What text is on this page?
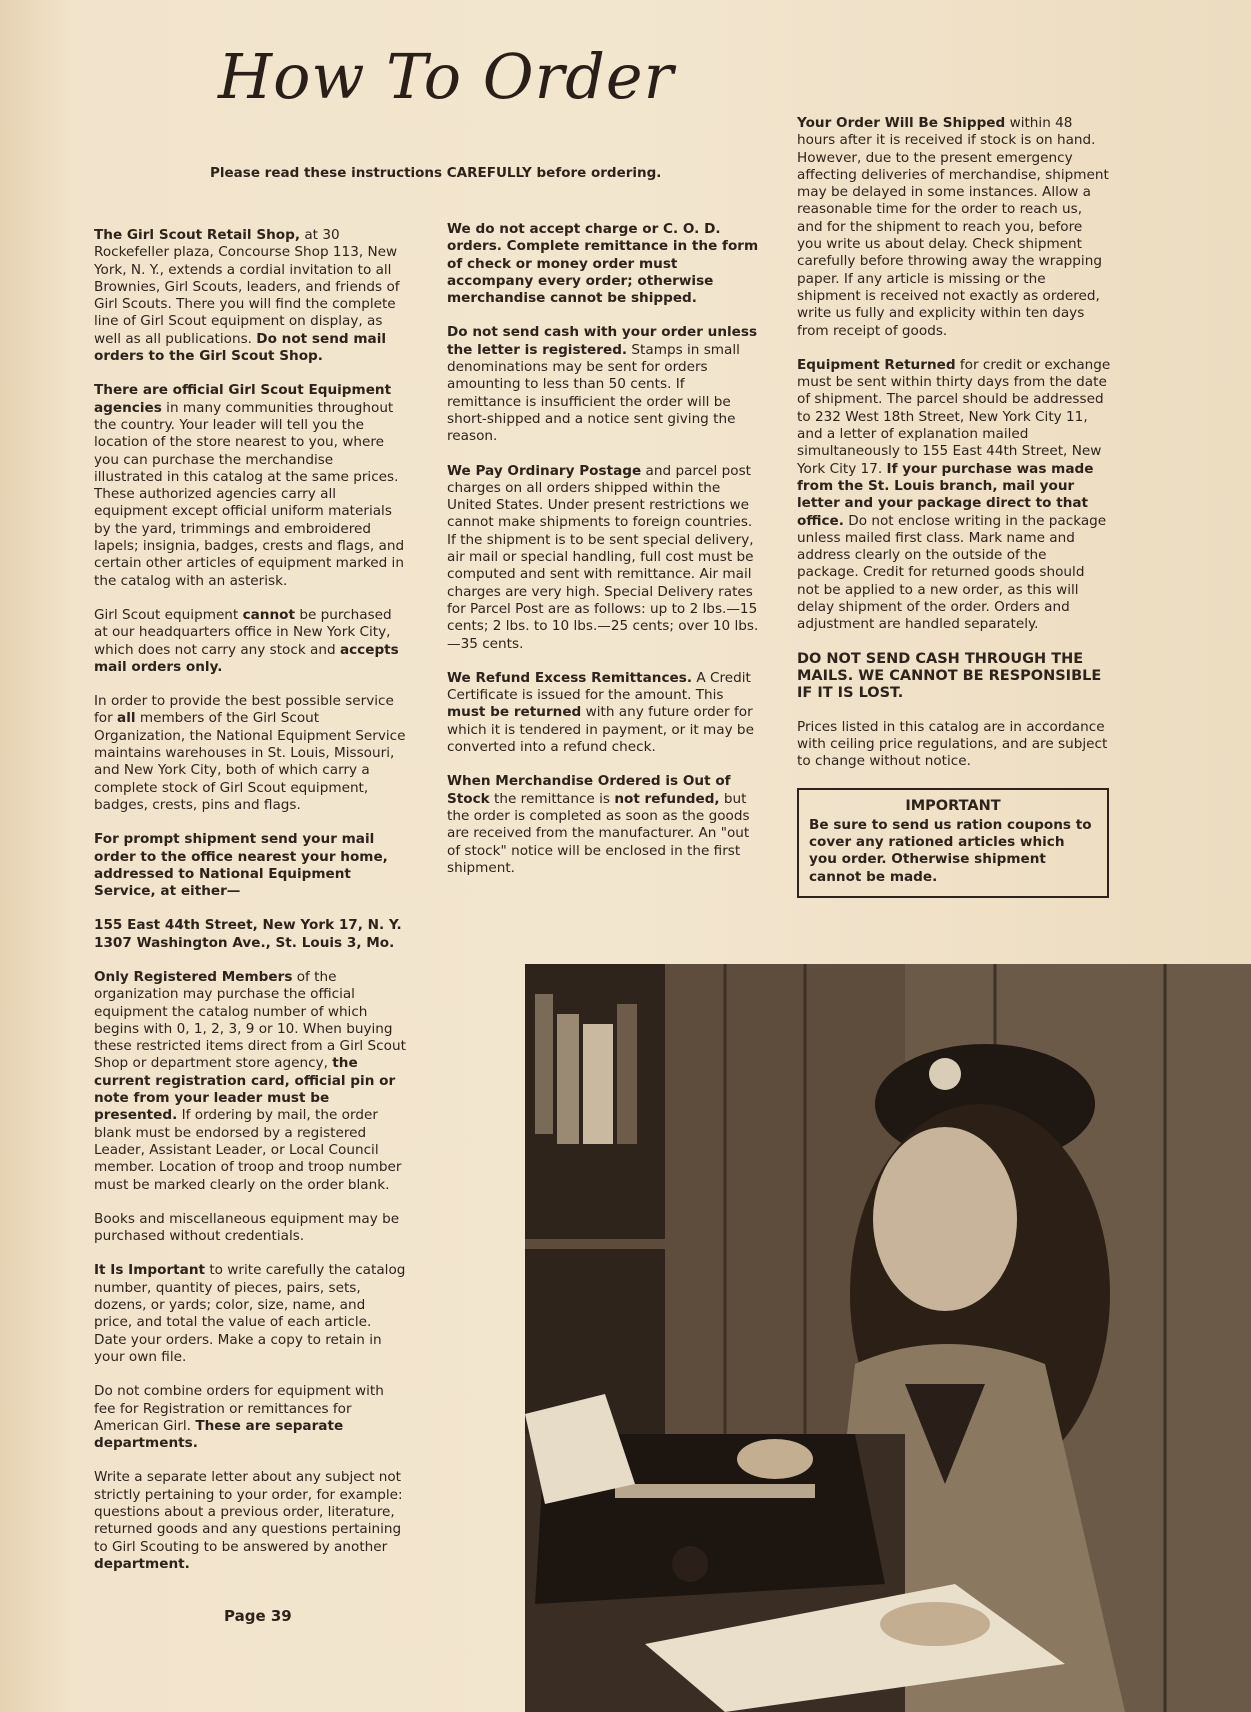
How To Order
Please read these instructions CAREFULLY before ordering.

The Girl Scout Retail Shop, at 30 Rockefeller plaza, Concourse Shop 113, New York, N. Y., extends a cordial invitation to all Brownies, Girl Scouts, leaders, and friends of Girl Scouts. There you will find the complete line of Girl Scout equipment on display, as well as all publications. Do not send mail orders to the Girl Scout Shop.

There are official Girl Scout Equipment agencies in many communities throughout the country. Your leader will tell you the location of the store nearest to you, where you can purchase the merchandise illustrated in this catalog at the same prices. These authorized agencies carry all equipment except official uniform materials by the yard, trimmings and embroidered lapels; insignia, badges, crests and flags, and certain other articles of equipment marked in the catalog with an asterisk.

Girl Scout equipment cannot be purchased at our headquarters office in New York City, which does not carry any stock and accepts mail orders only.

In order to provide the best possible service for all members of the Girl Scout Organization, the National Equipment Service maintains warehouses in St. Louis, Missouri, and New York City, both of which carry a complete stock of Girl Scout equipment, badges, crests, pins and flags.

For prompt shipment send your mail order to the office nearest your home, addressed to National Equipment Service, at either—

155 East 44th Street, New York 17, N. Y.

1307 Washington Ave., St. Louis 3, Mo.

Only Registered Members of the organization may purchase the official equipment the catalog number of which begins with 0, 1, 2, 3, 9 or 10. When buying these restricted items direct from a Girl Scout Shop or department store agency, the current registration card, official pin or note from your leader must be presented. If ordering by mail, the order blank must be endorsed by a registered Leader, Assistant Leader, or Local Council member. Location of troop and troop number must be marked clearly on the order blank.

Books and miscellaneous equipment may be purchased without credentials.

It Is Important to write carefully the catalog number, quantity of pieces, pairs, sets, dozens, or yards; color, size, name, and price, and total the value of each article. Date your orders. Make a copy to retain in your own file.

Do not combine orders for equipment with fee for Registration or remittances for American Girl. These are separate departments.

Write a separate letter about any subject not strictly pertaining to your order, for example: questions about a previous order, literature, returned goods and any questions pertaining to Girl Scouting to be answered by another department.

We do not accept charge or C. O. D. orders. Complete remittance in the form of check or money order must accompany every order; otherwise merchandise cannot be shipped.

Do not send cash with your order unless the letter is registered. Stamps in small denominations may be sent for orders amounting to less than 50 cents. If remittance is insufficient the order will be short-shipped and a notice sent giving the reason.

We Pay Ordinary Postage and parcel post charges on all orders shipped within the United States. Under present restrictions we cannot make shipments to foreign countries. If the shipment is to be sent special delivery, air mail or special handling, full cost must be computed and sent with remittance. Air mail charges are very high. Special Delivery rates for Parcel Post are as follows: up to 2 lbs.—15 cents; 2 lbs. to 10 lbs.—25 cents; over 10 lbs.—35 cents.

We Refund Excess Remittances. A Credit Certificate is issued for the amount. This must be returned with any future order for which it is tendered in payment, or it may be converted into a refund check.

When Merchandise Ordered is Out of Stock the remittance is not refunded, but the order is completed as soon as the goods are received from the manufacturer. An "out of stock" notice will be enclosed in the first shipment.

Your Order Will Be Shipped within 48 hours after it is received if stock is on hand. However, due to the present emergency affecting deliveries of merchandise, shipment may be delayed in some instances. Allow a reasonable time for the order to reach us, and for the shipment to reach you, before you write us about delay. Check shipment carefully before throwing away the wrapping paper. If any article is missing or the shipment is received not exactly as ordered, write us fully and explicity within ten days from receipt of goods.

Equipment Returned for credit or exchange must be sent within thirty days from the date of shipment. The parcel should be addressed to 232 West 18th Street, New York City 11, and a letter of explanation mailed simultaneously to 155 East 44th Street, New York City 17. If your purchase was made from the St. Louis branch, mail your letter and your package direct to that office. Do not enclose writing in the package unless mailed first class. Mark name and address clearly on the outside of the package. Credit for returned goods should not be applied to a new order, as this will delay shipment of the order. Orders and adjustment are handled separately.

DO NOT SEND CASH THROUGH THE MAILS. WE CANNOT BE RESPONSIBLE IF IT IS LOST.

Prices listed in this catalog are in accordance with ceiling price regulations, and are subject to change without notice.

IMPORTANT
Be sure to send us ration coupons to cover any rationed articles which you order. Otherwise shipment cannot be made.
Page 39
